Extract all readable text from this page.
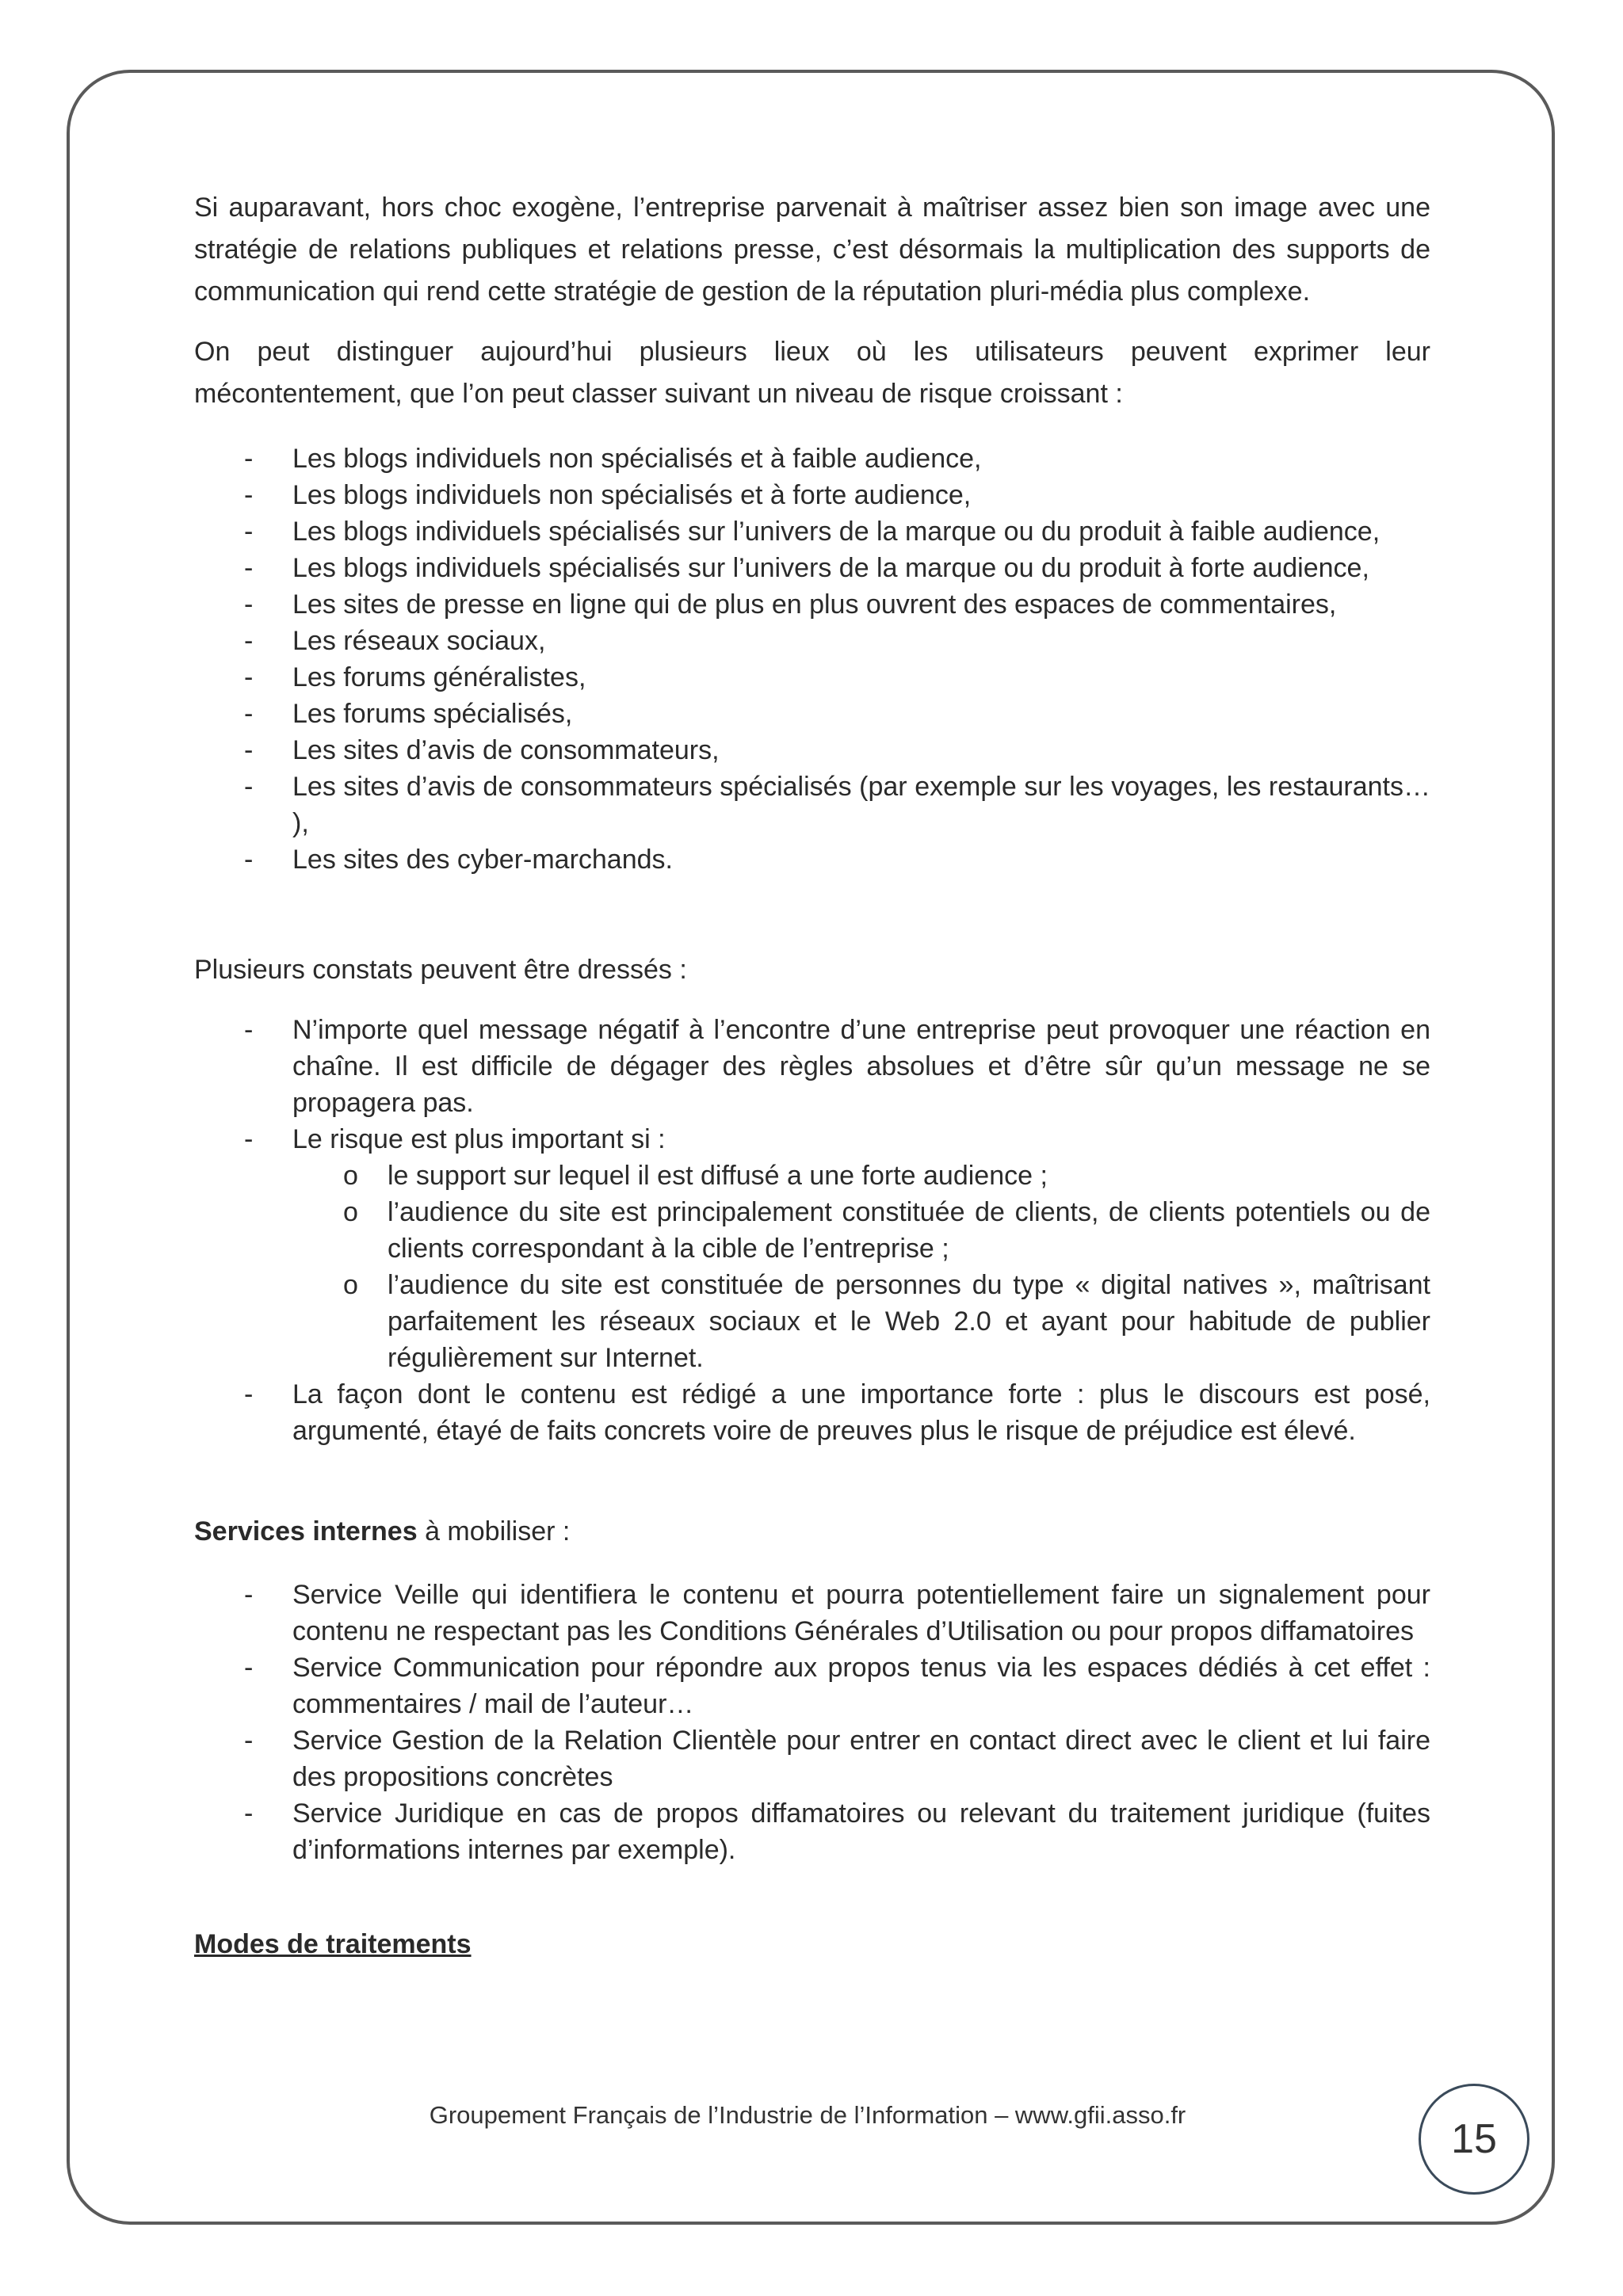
Si auparavant, hors choc exogène, l’entreprise parvenait à maîtriser assez bien son image avec une stratégie de relations publiques et relations presse, c’est désormais la multiplication des supports de communication qui rend cette stratégie de gestion de la réputation pluri-média plus complexe.

On peut distinguer aujourd’hui plusieurs lieux où les utilisateurs peuvent exprimer leur mécontentement, que l’on peut classer suivant un niveau de risque croissant :

- Les blogs individuels non spécialisés et à faible audience,
- Les blogs individuels non spécialisés et à forte audience,
- Les blogs individuels spécialisés sur l’univers de la marque ou du produit à faible audience,
- Les blogs individuels spécialisés sur l’univers de la marque ou du produit à forte audience,
- Les sites de presse en ligne qui de plus en plus ouvrent des espaces de commentaires,
- Les réseaux sociaux,
- Les forums généralistes,
- Les forums spécialisés,
- Les sites d’avis de consommateurs,
- Les sites d’avis de consommateurs spécialisés (par exemple sur les voyages, les restaurants… ),
- Les sites des cyber-marchands.

Plusieurs constats peuvent être dressés :

- N’importe quel message négatif à l’encontre d’une entreprise peut provoquer une réaction en chaîne. Il est difficile de dégager des règles absolues et d’être sûr qu’un message ne se propagera pas.
- Le risque est plus important si :
o le support sur lequel il est diffusé a une forte audience ;
o l’audience du site est principalement constituée de clients, de clients potentiels ou de clients correspondant à la cible de l’entreprise ;
o l’audience du site est constituée de personnes du type « digital natives », maîtrisant parfaitement les réseaux sociaux et le Web 2.0 et ayant pour habitude de publier régulièrement sur Internet.
- La façon dont le contenu est rédigé a une importance forte : plus le discours est posé, argumenté, étayé de faits concrets voire de preuves plus le risque de préjudice est élevé.

Services internes à mobiliser :

- Service Veille qui identifiera le contenu et pourra potentiellement faire un signalement pour contenu ne respectant pas les Conditions Générales d’Utilisation ou pour propos diffamatoires
- Service Communication pour répondre aux propos tenus via les espaces dédiés à cet effet : commentaires / mail de l’auteur…
- Service Gestion de la Relation Clientèle pour entrer en contact direct avec le client et lui faire des propositions concrètes
- Service Juridique en cas de propos diffamatoires ou relevant du traitement juridique (fuites d’informations internes par exemple).

Modes de traitements

Groupement Français de l’Industrie de l’Information – www.gfii.asso.fr
15
